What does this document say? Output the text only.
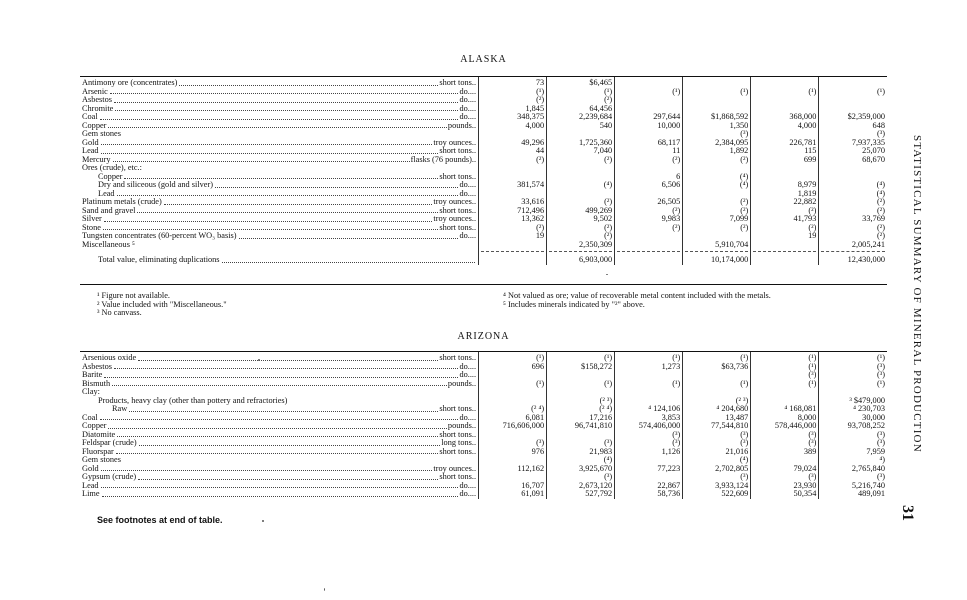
ALASKA
Antimony ore (concentrates) short tons..	73	$6,465				

Arsenic do....	(¹)	(¹)	(¹)	(¹)	(¹)	(¹)

Asbestos do....	(²)	(²)				

Chromite do....	1,845	64,456				

Coal do....	348,375	2,239,684	297,644	$1,868,592	368,000	$2,359,000

Copper pounds..	4,000	540	10,000	1,350	4,000	648

Gem stones				(³)		(³)

Gold troy ounces..	49,296	1,725,360	68,117	2,384,095	226,781	7,937,335

Lead short tons..	44	7,040	11	1,892	115	25,070

Mercury flasks (76 pounds)..	(²)	(²)	(²)	(²)	699	68,670

Ores (crude), etc.:						

Copper short tons..			6	(⁴)		

Dry and siliceous (gold and silver) do....	381,574	(⁴)	6,506	(⁴)	8,979	(⁴)

Lead do....					1,819	(⁴)

Platinum metals (crude) troy ounces..	33,616	(²)	26,505	(²)	22,882	(²)

Sand and gravel short tons..	712,496	499,269	(²)	(²)	(²)	(²)

Silver troy ounces..	13,362	9,502	9,983	7,099	41,793	33,769

Stone short tons..	(²)	(²)	(²)	(²)	(²)	(²)

Tungsten concentrates (60-percent WO₃ basis) do....	19	(²)			19	(²)

Miscellaneous ⁵		2,350,309		5,910,704		2,005,241

Total value, eliminating duplications		6,903,000		10,174,000		12,430,000
¹ Figure not available.
² Value included with "Miscellaneous."
³ No canvass.
⁴ Not valued as ore; value of recoverable metal content included with the metals.
⁵ Includes minerals indicated by "²" above.
ARIZONA
Arsenious oxide short tons..	(¹)	(¹)	(¹)	(¹)	(¹)	(¹)

Asbestos do....	696	$158,272	1,273	$63,736	(¹)	(³)

Barite do....					(³)	(³)

Bismuth pounds..	(¹)	(¹)	(¹)	(¹)	(¹)	(¹)

Clay:						

Products, heavy clay (other than pottery and refractories)		(² ³)		(² ³)		³ $479,000

Raw short tons..	(² ⁴)	(² ⁴)	⁴ 124,106	⁴ 204,680	⁴ 168,081	⁴ 230,703

Coal do....	6,081	17,216	3,853	13,487	8,000	30,000

Copper pounds..	716,606,000	96,741,810	574,406,000	77,544,810	578,446,000	93,708,252

Diatomite short tons..			(³)	(³)	(³)	(³)

Feldspar (crude) long tons..	(³)	(³)	(³)	(³)	(³)	(³)

Fluorspar short tons..	976	21,983	1,126	21,016	389	7,959

Gem stones		(⁴)		(⁴)		⁴)

Gold troy ounces..	112,162	3,925,670	77,223	2,702,805	79,024	2,765,840

Gypsum (crude) short tons..		(³)		(³)	(³)	(³)

Lead do....	16,707	2,673,120	22,867	3,933,124	23,930	5,216,740

Lime do....	61,091	527,792	58,736	522,609	50,354	489,091
See footnotes at end of table.
STATISTICAL SUMMARY OF MINERAL PRODUCTION
31
